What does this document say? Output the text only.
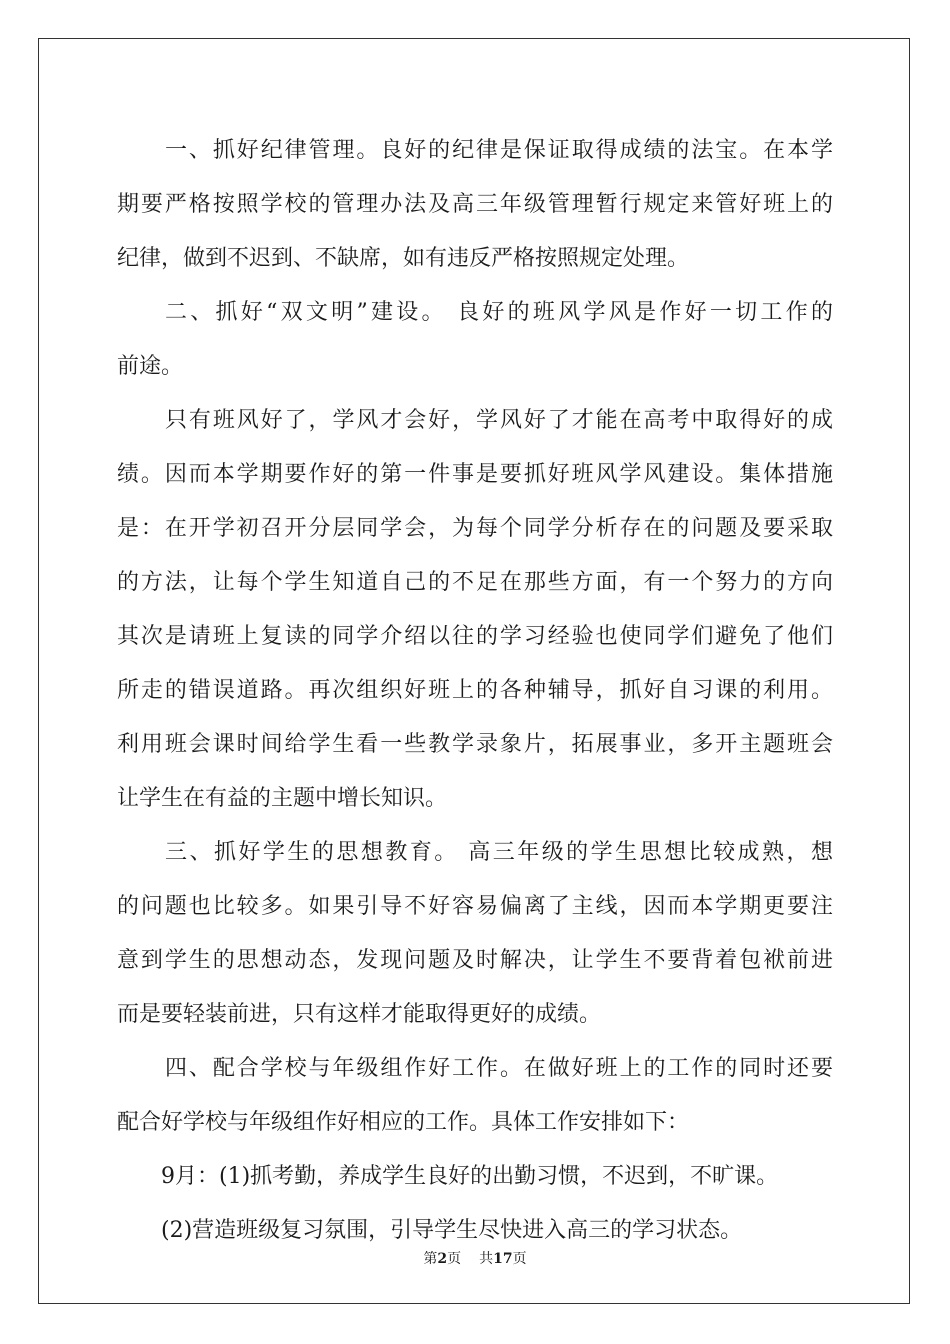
一、抓好纪律管理。良好的纪律是保证取得成绩的法宝。在本学
期要严格按照学校的管理办法及高三年级管理暂行规定来管好班上的
纪律，做到不迟到、不缺席，如有违反严格按照规定处理。
二、抓好“双文明”建设。 良好的班风学风是作好一切工作的
前途。
只有班风好了，学风才会好，学风好了才能在高考中取得好的成
绩。因而本学期要作好的第一件事是要抓好班风学风建设。集体措施
是：在开学初召开分层同学会，为每个同学分析存在的问题及要采取
的方法，让每个学生知道自己的不足在那些方面，有一个努力的方向
其次是请班上复读的同学介绍以往的学习经验也使同学们避免了他们
所走的错误道路。再次组织好班上的各种辅导，抓好自习课的利用。
利用班会课时间给学生看一些教学录象片，拓展事业，多开主题班会
让学生在有益的主题中增长知识。
三、抓好学生的思想教育。 高三年级的学生思想比较成熟，想
的问题也比较多。如果引导不好容易偏离了主线，因而本学期更要注
意到学生的思想动态，发现问题及时解决，让学生不要背着包袱前进
而是要轻装前进，只有这样才能取得更好的成绩。
四、配合学校与年级组作好工作。在做好班上的工作的同时还要
配合好学校与年级组作好相应的工作。具体工作安排如下：
9月：(1)抓考勤，养成学生良好的出勤习惯，不迟到，不旷课。
(2)营造班级复习氛围，引导学生尽快进入高三的学习状态。
第2页 共17页
